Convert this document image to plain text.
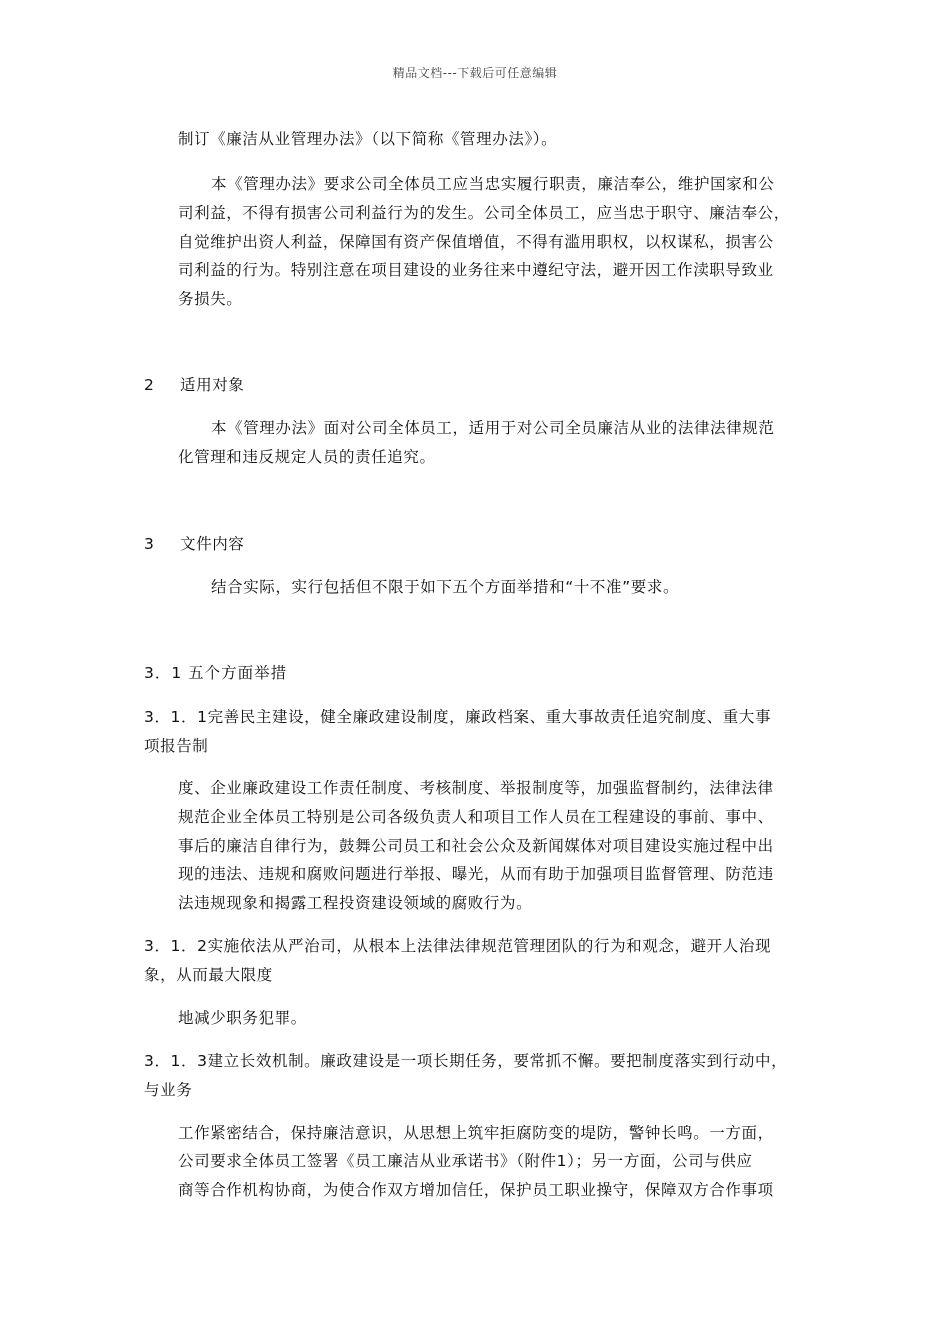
精品文档---下载后可任意编辑
制订《廉洁从业管理办法》（以下简称《管理办法》）。
本《管理办法》要求公司全体员工应当忠实履行职责，廉洁奉公，维护国家和公
司利益，不得有损害公司利益行为的发生。公司全体员工，应当忠于职守、廉洁奉公，
自觉维护出资人利益，保障国有资产保值增值，不得有滥用职权，以权谋私，损害公
司利益的行为。特别注意在项目建设的业务往来中遵纪守法，避开因工作渎职导致业
务损失。
2 适用对象
本《管理办法》面对公司全体员工，适用于对公司全员廉洁从业的法律法律规范
化管理和违反规定人员的责任追究。
3 文件内容
结合实际，实行包括但不限于如下五个方面举措和“十不准”要求。
3．1 五个方面举措
3．1．1完善民主建设，健全廉政建设制度，廉政档案、重大事故责任追究制度、重大事
项报告制
度、企业廉政建设工作责任制度、考核制度、举报制度等，加强监督制约，法律法律
规范企业全体员工特别是公司各级负责人和项目工作人员在工程建设的事前、事中、
事后的廉洁自律行为，鼓舞公司员工和社会公众及新闻媒体对项目建设实施过程中出
现的违法、违规和腐败问题进行举报、曝光，从而有助于加强项目监督管理、防范违
法违规现象和揭露工程投资建设领域的腐败行为。
3．1．2实施依法从严治司，从根本上法律法律规范管理团队的行为和观念，避开人治现
象，从而最大限度
地减少职务犯罪。
3．1．3建立长效机制。廉政建设是一项长期任务，要常抓不懈。要把制度落实到行动中，
与业务
工作紧密结合，保持廉洁意识，从思想上筑牢拒腐防变的堤防，警钟长鸣。一方面，
公司要求全体员工签署《员工廉洁从业承诺书》（附件1）；另一方面，公司与供应
商等合作机构协商，为使合作双方增加信任，保护员工职业操守，保障双方合作事项
